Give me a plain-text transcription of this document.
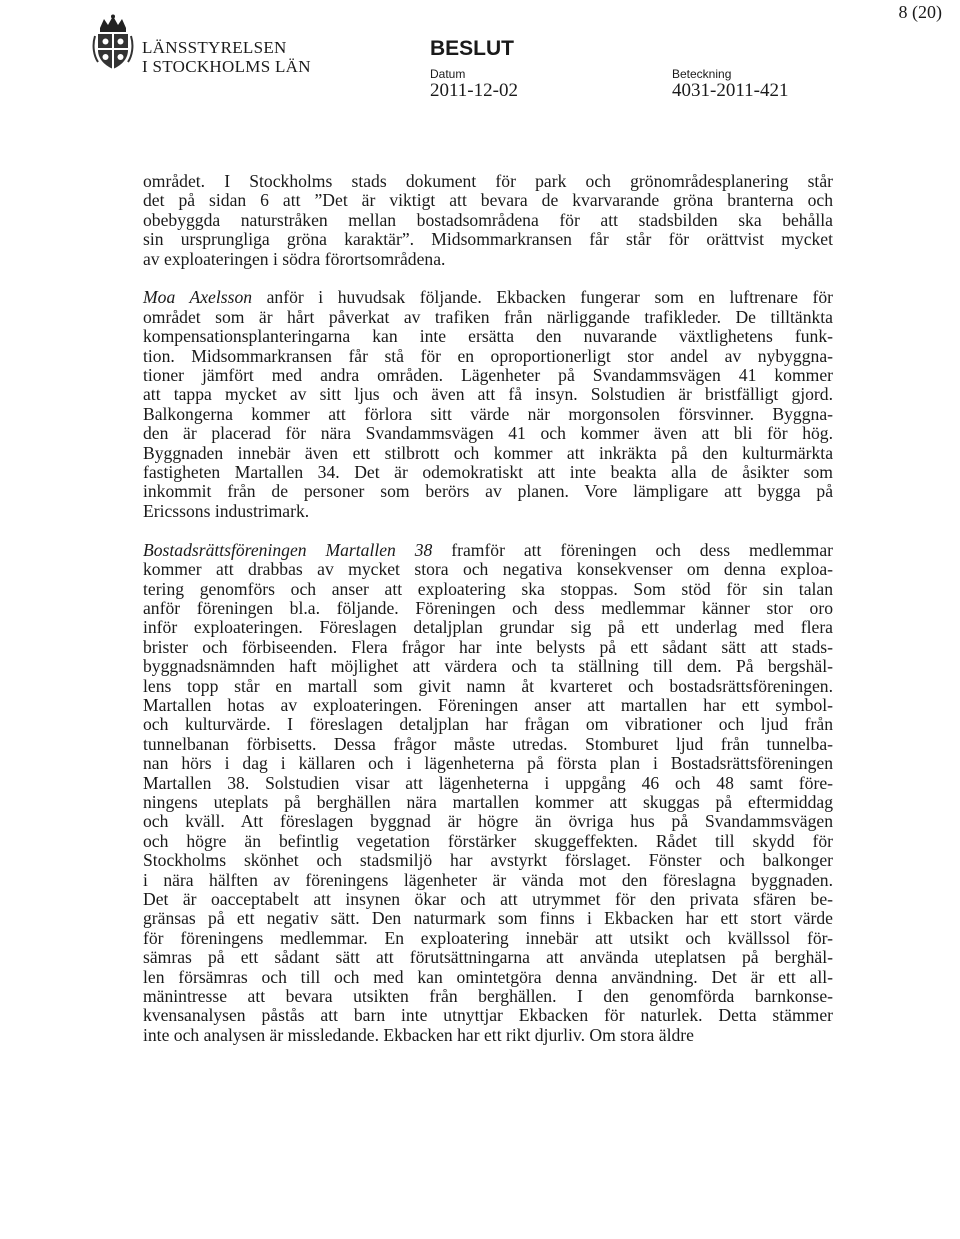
8 (20)
LÄNSSTYRELSEN
I STOCKHOLMS LÄN
BESLUT
Datum
2011-12-02
Beteckning
4031-2011-421

området. I Stockholms stads dokument för park och grönområdesplanering står
det på sidan 6 att ”Det är viktigt att bevara de kvarvarande gröna branterna och
obebyggda naturstråken mellan bostadsområdena för att stadsbilden ska behålla
sin ursprungliga gröna karaktär”. Midsommarkransen får står för orättvist mycket
av exploateringen i södra förortsområdena.

Moa Axelsson anför i huvudsak följande. Ekbacken fungerar som en luftrenare för
området som är hårt påverkat av trafiken från närliggande trafikleder. De tilltänkta
kompensationsplanteringarna kan inte ersätta den nuvarande växtlighetens funk-
tion. Midsommarkransen får stå för en oproportionerligt stor andel av nybyggna-
tioner jämfört med andra områden. Lägenheter på Svandammsvägen 41 kommer
att tappa mycket av sitt ljus och även att få insyn. Solstudien är bristfälligt gjord.
Balkongerna kommer att förlora sitt värde när morgonsolen försvinner. Byggna-
den är placerad för nära Svandammsvägen 41 och kommer även att bli för hög.
Byggnaden innebär även ett stilbrott och kommer att inkräkta på den kulturmärkta
fastigheten Martallen 34. Det är odemokratiskt att inte beakta alla de åsikter som
inkommit från de personer som berörs av planen. Vore lämpligare att bygga på
Ericssons industrimark.

Bostadsrättsföreningen Martallen 38 framför att föreningen och dess medlemmar
kommer att drabbas av mycket stora och negativa konsekvenser om denna exploa-
tering genomförs och anser att exploatering ska stoppas. Som stöd för sin talan
anför föreningen bl.a. följande. Föreningen och dess medlemmar känner stor oro
inför exploateringen. Föreslagen detaljplan grundar sig på ett underlag med flera
brister och förbiseenden. Flera frågor har inte belysts på ett sådant sätt att stads-
byggnadsnämnden haft möjlighet att värdera och ta ställning till dem. På bergshäl-
lens topp står en martall som givit namn åt kvarteret och bostadsrättsföreningen.
Martallen hotas av exploateringen. Föreningen anser att martallen har ett symbol-
och kulturvärde. I föreslagen detaljplan har frågan om vibrationer och ljud från
tunnelbanan förbisetts. Dessa frågor måste utredas. Stomburet ljud från tunnelba-
nan hörs i dag i källaren och i lägenheterna på första plan i Bostadsrättsföreningen
Martallen 38. Solstudien visar att lägenheterna i uppgång 46 och 48 samt före-
ningens uteplats på berghällen nära martallen kommer att skuggas på eftermiddag
och kväll. Att föreslagen byggnad är högre än övriga hus på Svandammsvägen
och högre än befintlig vegetation förstärker skuggeffekten. Rådet till skydd för
Stockholms skönhet och stadsmiljö har avstyrkt förslaget. Fönster och balkonger
i nära hälften av föreningens lägenheter är vända mot den föreslagna byggnaden.
Det är oacceptabelt att insynen ökar och att utrymmet för den privata sfären be-
gränsas på ett negativ sätt. Den naturmark som finns i Ekbacken har ett stort värde
för föreningens medlemmar. En exploatering innebär att utsikt och kvällssol för-
sämras på ett sådant sätt att förutsättningarna att använda uteplatsen på berghäl-
len försämras och till och med kan omintetgöra denna användning. Det är ett all-
mänintresse att bevara utsikten från berghällen. I den genomförda barnkonse-
kvensanalysen påstås att barn inte utnyttjar Ekbacken för naturlek. Detta stämmer
inte och analysen är missledande. Ekbacken har ett rikt djurliv. Om stora äldre
